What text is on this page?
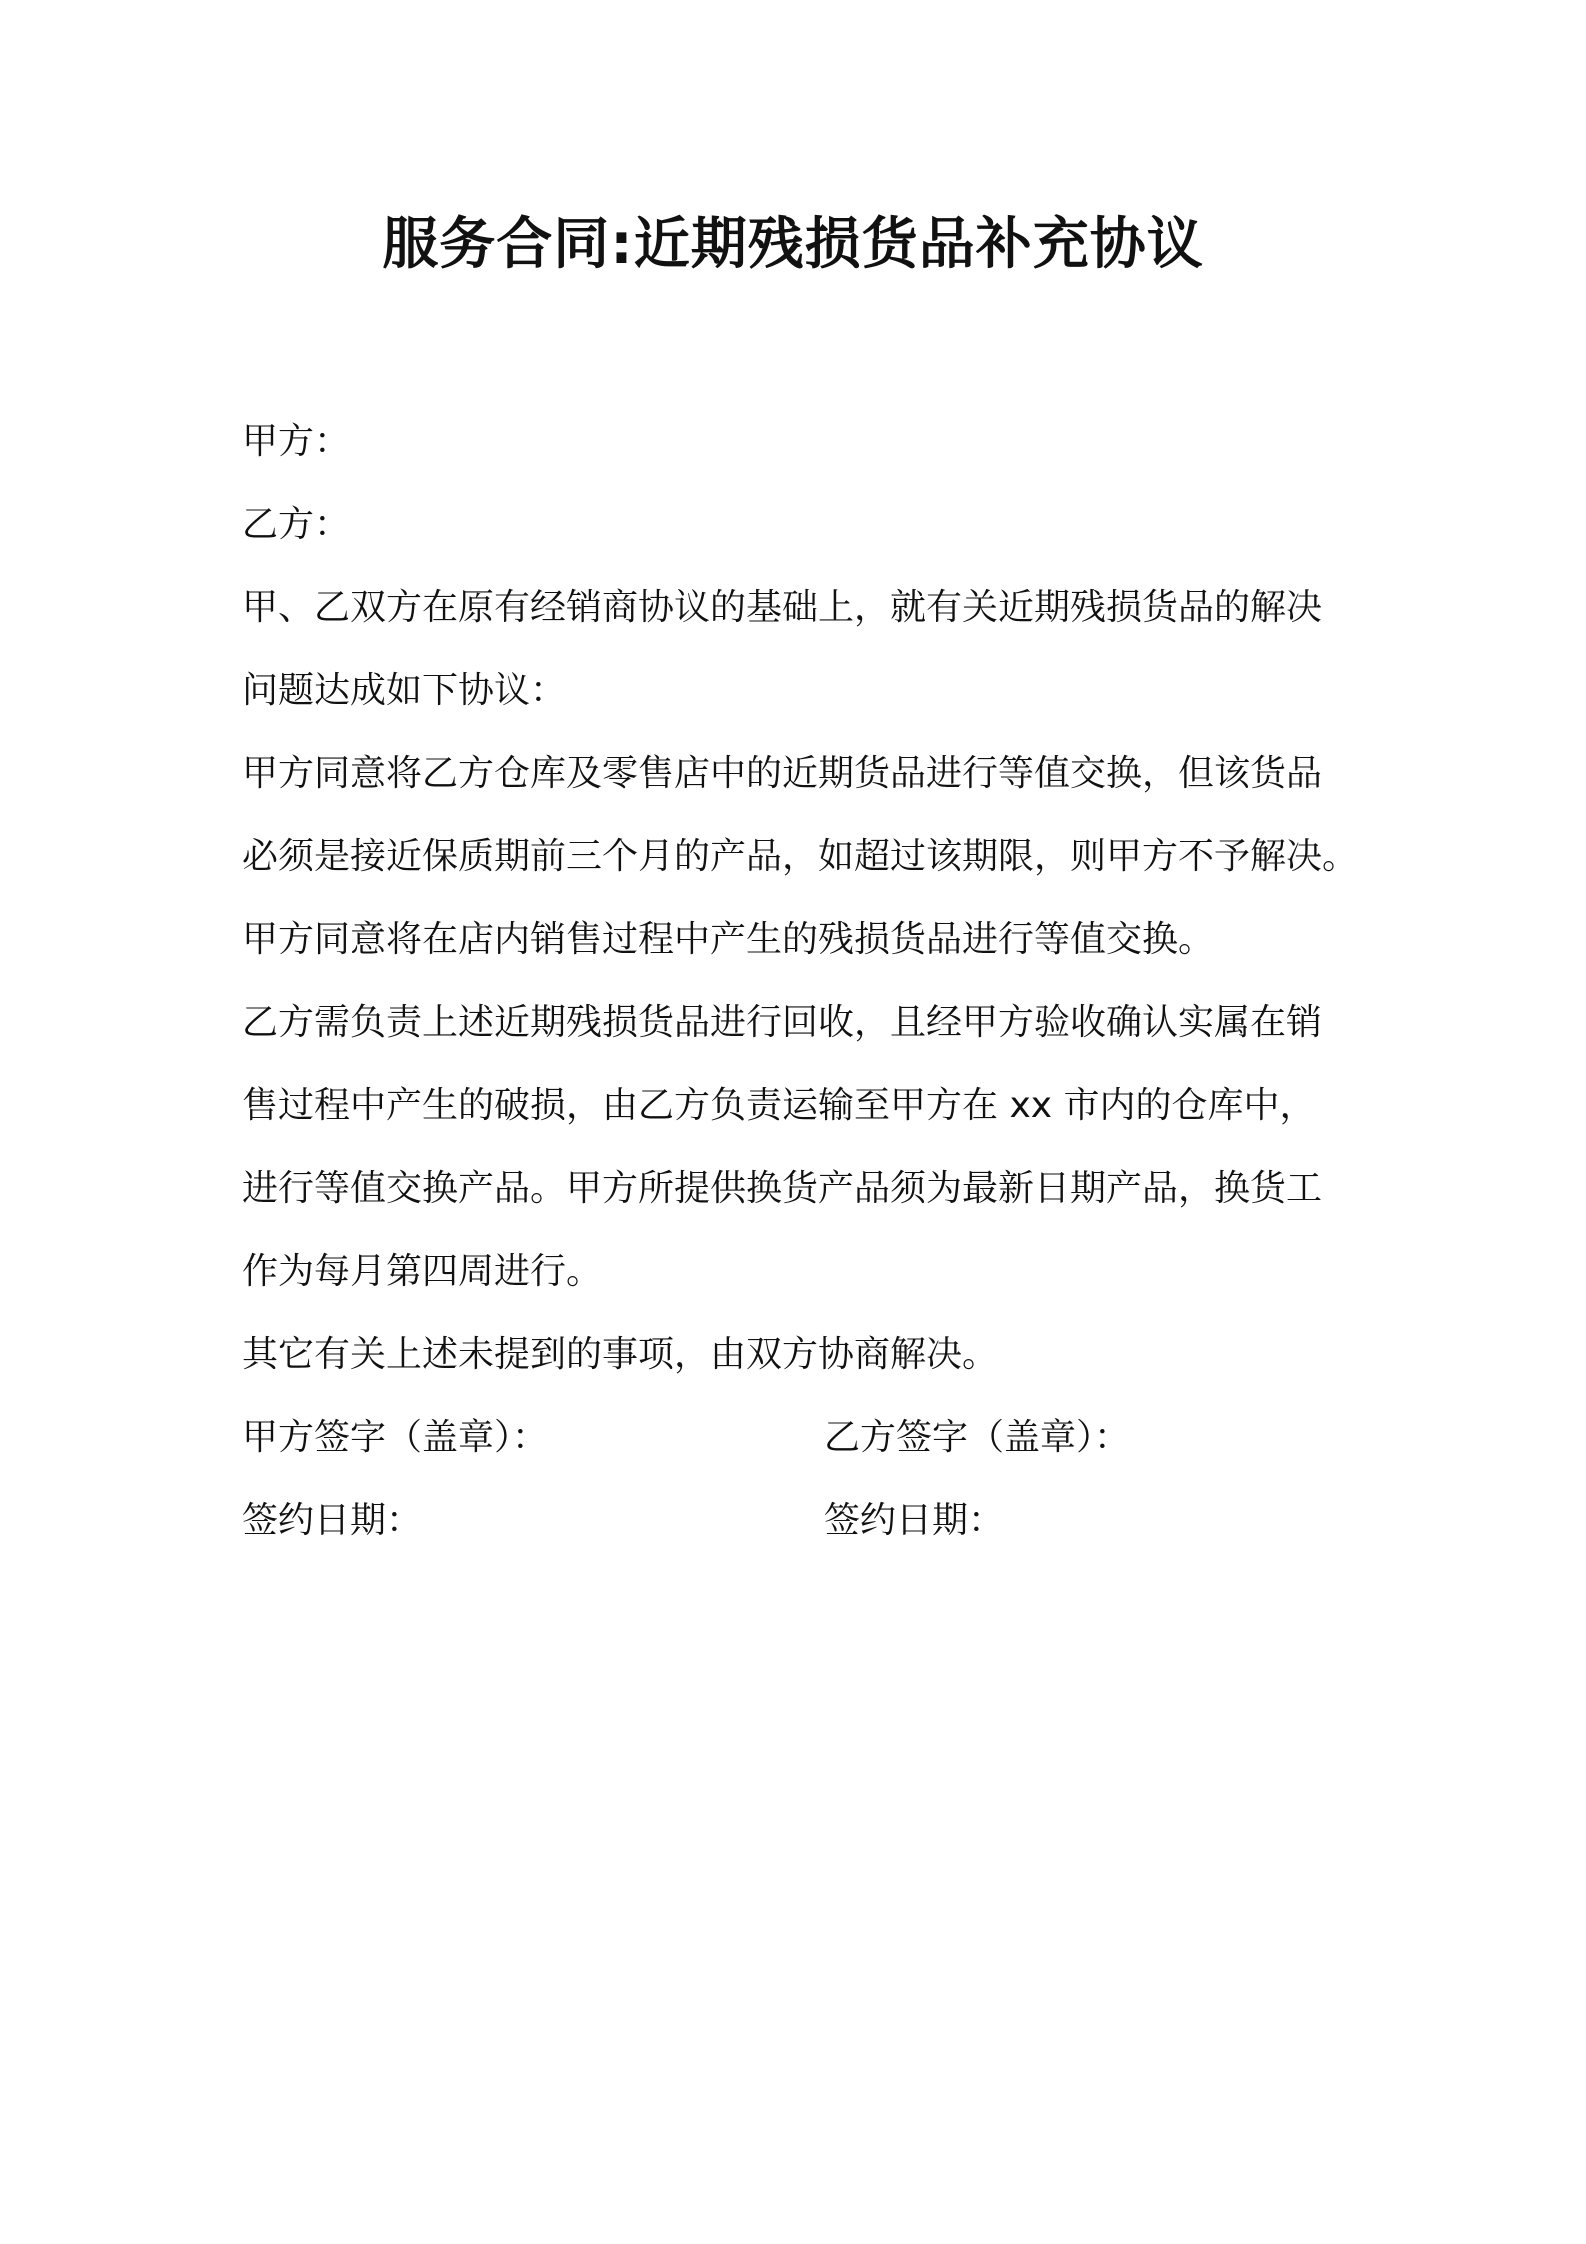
服务合同:近期残损货品补充协议
甲方：
乙方：
甲、乙双方在原有经销商协议的基础上，就有关近期残损货品的解决
问题达成如下协议：
甲方同意将乙方仓库及零售店中的近期货品进行等值交换，但该货品
必须是接近保质期前三个月的产品，如超过该期限，则甲方不予解决。
甲方同意将在店内销售过程中产生的残损货品进行等值交换。
乙方需负责上述近期残损货品进行回收，且经甲方验收确认实属在销
售过程中产生的破损，由乙方负责运输至甲方在 xx 市内的仓库中，
进行等值交换产品。甲方所提供换货产品须为最新日期产品，换货工
作为每月第四周进行。
其它有关上述未提到的事项，由双方协商解决。
甲方签字（盖章）：	乙方签字（盖章）：
签约日期：	签约日期：
